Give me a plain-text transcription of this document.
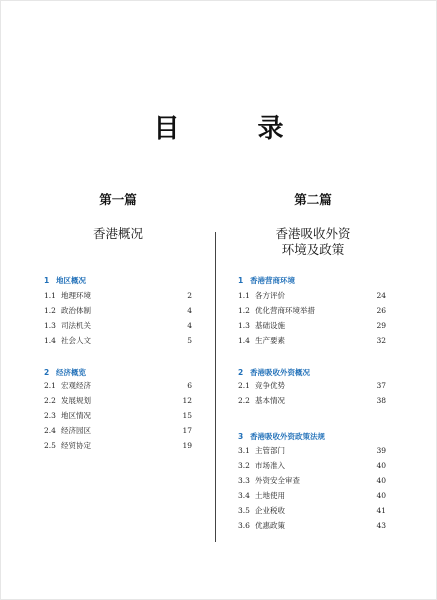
目　录
第一篇
香港概况
第二篇
香港吸收外资
环境及政策
1 地区概况
1.1 地理环境	2
1.2 政治体制	4
1.3 司法机关	4
1.4 社会人文	5
2 经济概览
2.1 宏观经济	6
2.2 发展规划	12
2.3 地区情况	15
2.4 经济园区	17
2.5 经贸协定	19
1 香港营商环境
1.1 各方评价	24
1.2 优化营商环境举措	26
1.3 基础设施	29
1.4 生产要素	32
2 香港吸收外资概况
2.1 竞争优势	37
2.2 基本情况	38
3 香港吸收外资政策法规
3.1 主管部门	39
3.2 市场准入	40
3.3 外资安全审查	40
3.4 土地使用	40
3.5 企业税收	41
3.6 优惠政策	43
